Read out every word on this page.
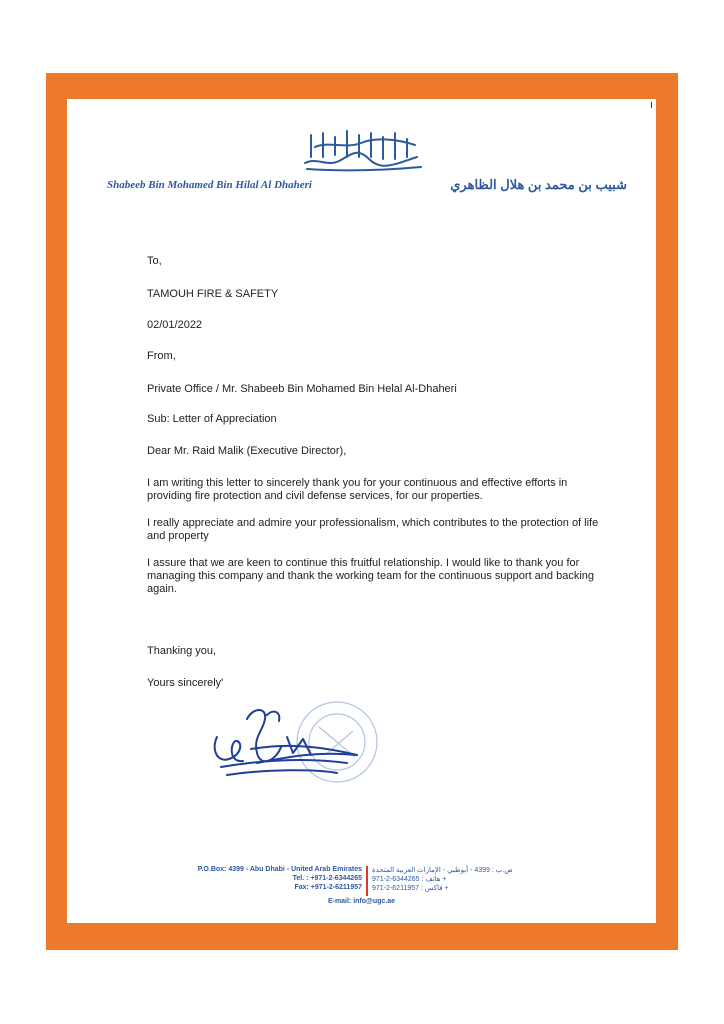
Shabeeb Bin Mohamed Bin Hilal Al Dhaheri	شبيب بن محمد بن هلال الظاهري
To,
TAMOUH FIRE & SAFETY
02/01/2022
From,
Private Office / Mr. Shabeeb Bin Mohamed Bin Helal Al-Dhaheri
Sub: Letter of Appreciation
Dear Mr. Raid Malik (Executive Director),
I am writing this letter to sincerely thank you for your continuous and effective efforts in providing fire protection and civil defense services, for our properties.
I really appreciate and admire your professionalism, which contributes to the protection of life and property
I assure that we are keen to continue this fruitful relationship. I would like to thank you for managing this company and thank the working team for the continuous support and backing again.
Thanking you,
Yours sincerely'
P.O.Box: 4399 - Abu Dhabi - United Arab Emirates
Tel. : +971-2-6344265
Fax: +971-2-6211957
ص.ب : 4399 - أبوظبي - الإمارات العربية المتحدة
هاتف : 6344265-2-971 +
فاكس : 6211957-2-971 +
E-mail: info@ugc.ae
